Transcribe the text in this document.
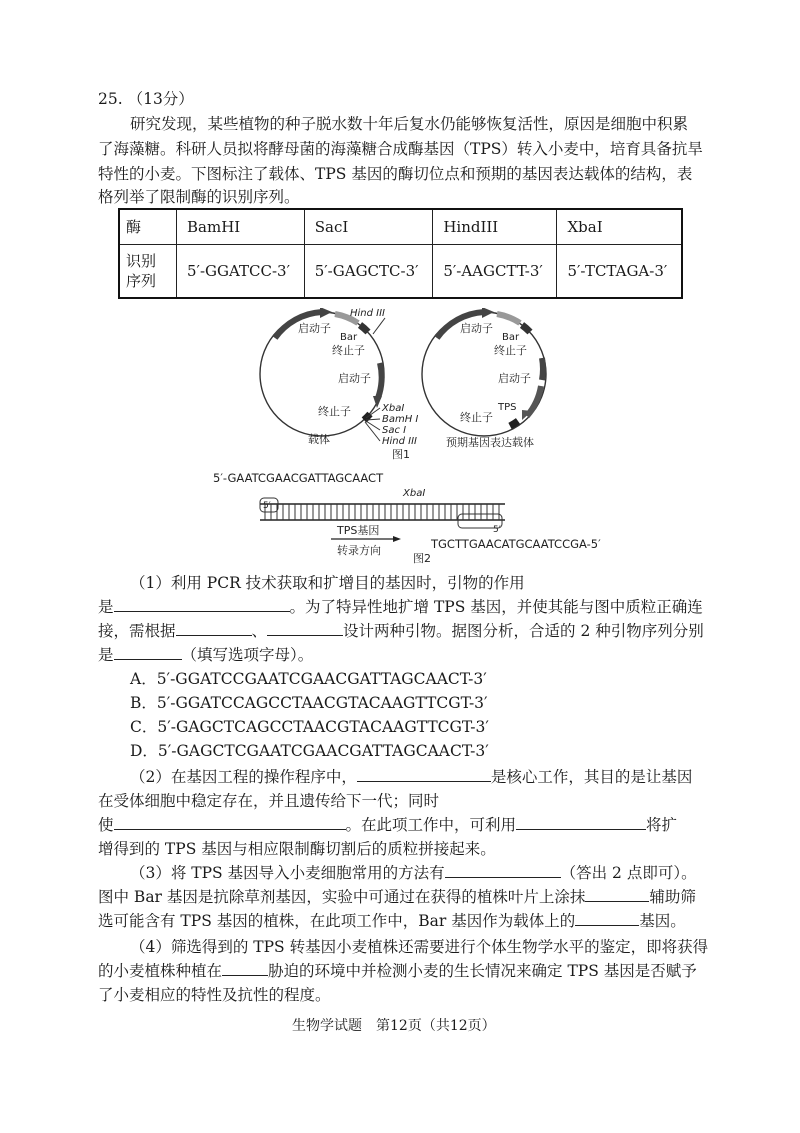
25. （13分）
研究发现，某些植物的种子脱水数十年后复水仍能够恢复活性，原因是细胞中积累
了海藻糖。科研人员拟将酵母菌的海藻糖合成酶基因（TPS）转入小麦中，培育具备抗旱
特性的小麦。下图标注了载体、TPS 基因的酶切位点和预期的基因表达载体的结构，表
格列举了限制酶的识别序列。
酶	BamHI	SacI	HindIII	XbaI
识别
序列	5′-GGATCC-3′	5′-GAGCTC-3′	5′-AAGCTT-3′	5′-TCTAGA-3′
启动子
Bar
终止子
Hind III
启动子
终止子	XbaI
BamH I
Sac I
Hind III
载体
启动子
Bar
终止子
启动子
TPS
终止子
预期基因表达载体
图1
5′-GAATCGAACGATTAGCAACT
XbaI
5′
5′
TPS基因
转录方向	TGCTTGAACATGCAATCCGA-5′
图2
（1）利用 PCR 技术获取和扩增目的基因时，引物的作用
是	。为了特异性地扩增 TPS 基因，并使其能与图中质粒正确连
接，需根据	、	设计两种引物。据图分析，合适的 2 种引物序列分别
是	（填写选项字母）。
A．5′-GGATCCGAATCGAACGATTAGCAACT-3′
B．5′-GGATCCAGCCTAACGTACAAGTTCGT-3′
C．5′-GAGCTCAGCCTAACGTACAAGTTCGT-3′
D．5′-GAGCTCGAATCGAACGATTAGCAACT-3′
（2）在基因工程的操作程序中，	是核心工作，其目的是让基因
在受体细胞中稳定存在，并且遗传给下一代；同时
使	。在此项工作中，可利用	将扩
增得到的 TPS 基因与相应限制酶切割后的质粒拼接起来。
（3）将 TPS 基因导入小麦细胞常用的方法有	（答出 2 点即可）。
图中 Bar 基因是抗除草剂基因，实验中可通过在获得的植株叶片上涂抹	辅助筛
选可能含有 TPS 基因的植株，在此项工作中，Bar 基因作为载体上的	基因。
（4）筛选得到的 TPS 转基因小麦植株还需要进行个体生物学水平的鉴定，即将获得
的小麦植株种植在	胁迫的环境中并检测小麦的生长情况来确定 TPS 基因是否赋予
了小麦相应的特性及抗性的程度。
生物学试题 第12页（共12页）
